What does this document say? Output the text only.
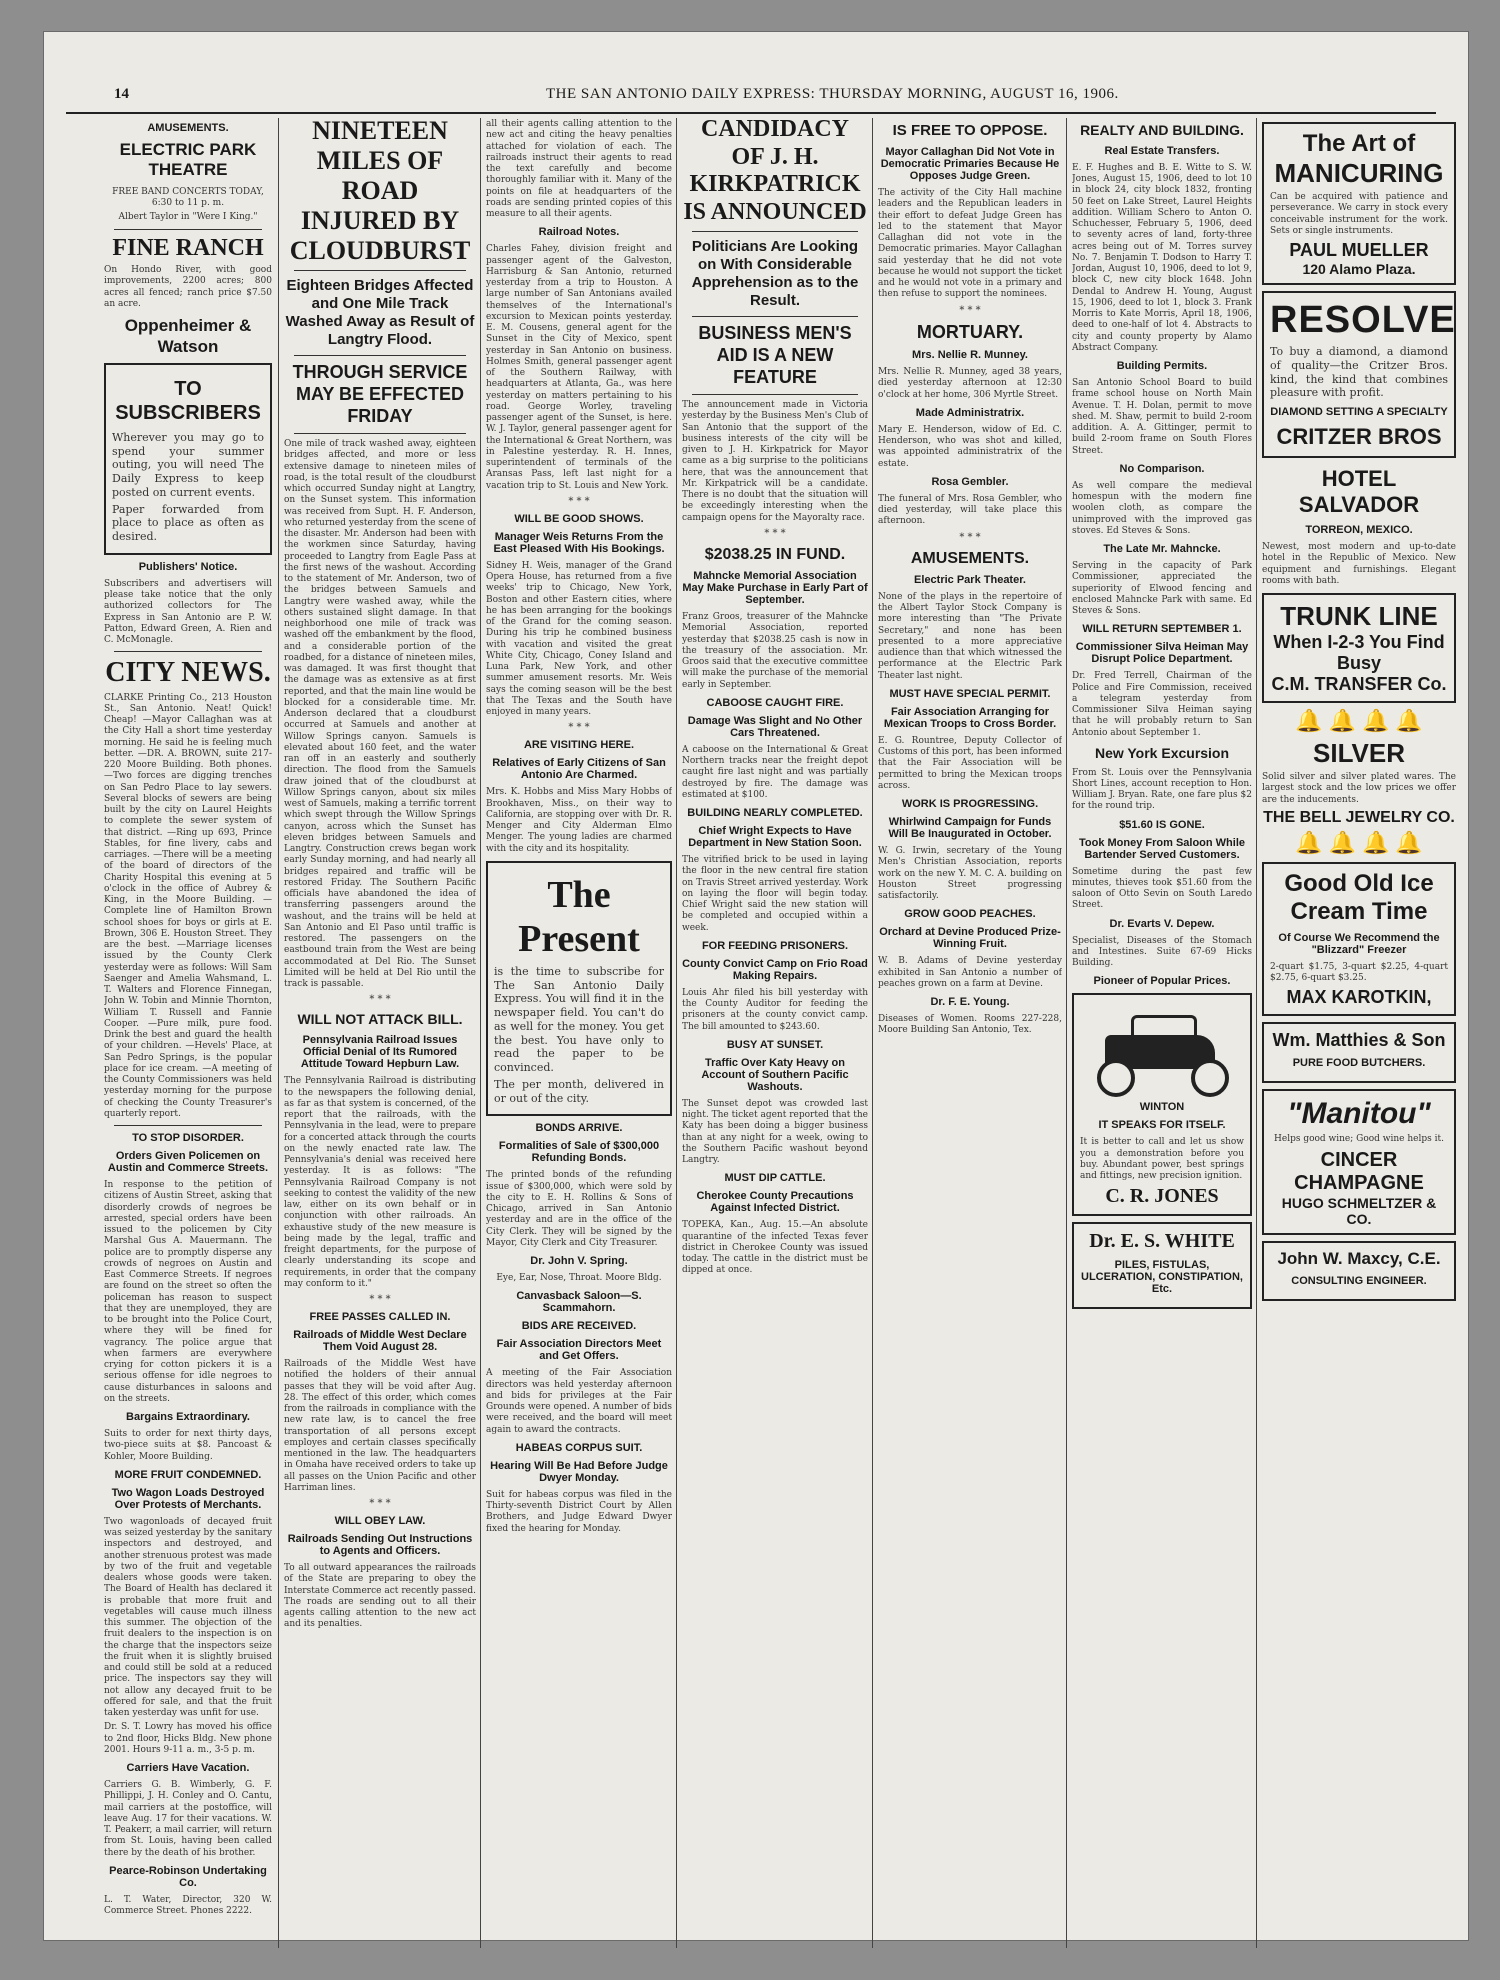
14	THE SAN ANTONIO DAILY EXPRESS: THURSDAY MORNING, AUGUST 16, 1906.
AMUSEMENTS.
ELECTRIC PARK THEATRE
FREE BAND CONCERTS TODAY, 6:30 to 11 p. m.
Albert Taylor in "Were I King."
FINE RANCH
On Hondo River, with good improvements, 2200 acres; 800 acres all fenced; ranch price $7.50 an acre.
Oppenheimer & Watson
TO SUBSCRIBERS
Wherever you may go to spend your summer outing, you will need The Daily Express to keep posted on current events.
Paper forwarded from place to place as often as desired.
Publishers' Notice.
Subscribers and advertisers will please take notice that the only authorized collectors for The Express in San Antonio are P. W. Patton, Edward Green, A. Rien and C. McMonagle.
CITY NEWS.
CLARKE Printing Co., 213 Houston St., San Antonio. Neat! Quick! Cheap! —Mayor Callaghan was at the City Hall a short time yesterday morning. He said he is feeling much better. —DR. A. BROWN, suite 217-220 Moore Building. Both phones. —Two forces are digging trenches on San Pedro Place to lay sewers. Several blocks of sewers are being built by the city on Laurel Heights to complete the sewer system of that district. —Ring up 693, Prince Stables, for fine livery, cabs and carriages. —There will be a meeting of the board of directors of the Charity Hospital this evening at 5 o'clock in the office of Aubrey & King, in the Moore Building. —Complete line of Hamilton Brown school shoes for boys or girls at E. Brown, 306 E. Houston Street. They are the best. —Marriage licenses issued by the County Clerk yesterday were as follows: Will Sam Saenger and Amelia Wahsmand, L. T. Walters and Florence Finnegan, John W. Tobin and Minnie Thornton, William T. Russell and Fannie Cooper. —Pure milk, pure food. Drink the best and guard the health of your children. —Hevels' Place, at San Pedro Springs, is the popular place for ice cream. —A meeting of the County Commissioners was held yesterday morning for the purpose of checking the County Treasurer's quarterly report.
TO STOP DISORDER.
Orders Given Policemen on Austin and Commerce Streets.
In response to the petition of citizens of Austin Street, asking that disorderly crowds of negroes be arrested, special orders have been issued to the policemen by City Marshal Gus A. Mauermann. The police are to promptly disperse any crowds of negroes on Austin and East Commerce Streets. If negroes are found on the street so often the policeman has reason to suspect that they are unemployed, they are to be brought into the Police Court, where they will be fined for vagrancy. The police argue that when farmers are everywhere crying for cotton pickers it is a serious offense for idle negroes to cause disturbances in saloons and on the streets.
Bargains Extraordinary.
Suits to order for next thirty days, two-piece suits at $8. Pancoast & Kohler, Moore Building.
MORE FRUIT CONDEMNED.
Two Wagon Loads Destroyed Over Protests of Merchants.
Two wagonloads of decayed fruit was seized yesterday by the sanitary inspectors and destroyed, and another strenuous protest was made by two of the fruit and vegetable dealers whose goods were taken. The Board of Health has declared it is probable that more fruit and vegetables will cause much illness this summer. The objection of the fruit dealers to the inspection is on the charge that the inspectors seize the fruit when it is slightly bruised and could still be sold at a reduced price. The inspectors say they will not allow any decayed fruit to be offered for sale, and that the fruit taken yesterday was unfit for use.
Dr. S. T. Lowry has moved his office to 2nd floor, Hicks Bldg. New phone 2001. Hours 9-11 a. m., 3-5 p. m.
Carriers Have Vacation.
Carriers G. B. Wimberly, G. F. Phillippi, J. H. Conley and O. Cantu, mail carriers at the postoffice, will leave Aug. 17 for their vacations. W. T. Peakerr, a mail carrier, will return from St. Louis, having been called there by the death of his brother.
Pearce-Robinson Undertaking Co.
L. T. Water, Director, 320 W. Commerce Street. Phones 2222.
NINETEEN MILES OF ROAD INJURED BY CLOUDBURST
Eighteen Bridges Affected and One Mile Track Washed Away as Result of Langtry Flood.
THROUGH SERVICE MAY BE EFFECTED FRIDAY
One mile of track washed away, eighteen bridges affected, and more or less extensive damage to nineteen miles of road, is the total result of the cloudburst which occurred Sunday night at Langtry, on the Sunset system. This information was received from Supt. H. F. Anderson, who returned yesterday from the scene of the disaster. Mr. Anderson had been with the workmen since Saturday, having proceeded to Langtry from Eagle Pass at the first news of the washout. According to the statement of Mr. Anderson, two of the bridges between Samuels and Langtry were washed away, while the others sustained slight damage. In that neighborhood one mile of track was washed off the embankment by the flood, and a considerable portion of the roadbed, for a distance of nineteen miles, was damaged. It was first thought that the damage was as extensive as at first reported, and that the main line would be blocked for a considerable time. Mr. Anderson declared that a cloudburst occurred at Samuels and another at Willow Springs canyon. Samuels is elevated about 160 feet, and the water ran off in an easterly and southerly direction. The flood from the Samuels draw joined that of the cloudburst at Willow Springs canyon, about six miles west of Samuels, making a terrific torrent which swept through the Willow Springs canyon, across which the Sunset has eleven bridges between Samuels and Langtry. Construction crews began work early Sunday morning, and had nearly all bridges repaired and traffic will be restored Friday. The Southern Pacific officials have abandoned the idea of transferring passengers around the washout, and the trains will be held at San Antonio and El Paso until traffic is restored. The passengers on the eastbound train from the West are being accommodated at Del Rio. The Sunset Limited will be held at Del Rio until the track is passable.
* * *
WILL NOT ATTACK BILL.
Pennsylvania Railroad Issues Official Denial of Its Rumored Attitude Toward Hepburn Law.
The Pennsylvania Railroad is distributing to the newspapers the following denial, as far as that system is concerned, of the report that the railroads, with the Pennsylvania in the lead, were to prepare for a concerted attack through the courts on the newly enacted rate law. The Pennsylvania's denial was received here yesterday. It is as follows: "The Pennsylvania Railroad Company is not seeking to contest the validity of the new law, either on its own behalf or in conjunction with other railroads. An exhaustive study of the new measure is being made by the legal, traffic and freight departments, for the purpose of clearly understanding its scope and requirements, in order that the company may conform to it."
* * *
FREE PASSES CALLED IN.
Railroads of Middle West Declare Them Void August 28.
Railroads of the Middle West have notified the holders of their annual passes that they will be void after Aug. 28. The effect of this order, which comes from the railroads in compliance with the new rate law, is to cancel the free transportation of all persons except employes and certain classes specifically mentioned in the law. The headquarters in Omaha have received orders to take up all passes on the Union Pacific and other Harriman lines.
* * *
WILL OBEY LAW.
Railroads Sending Out Instructions to Agents and Officers.
To all outward appearances the railroads of the State are preparing to obey the Interstate Commerce act recently passed. The roads are sending out to all their agents calling attention to the new act and its penalties.
all their agents calling attention to the new act and citing the heavy penalties attached for violation of each. The railroads instruct their agents to read the text carefully and become thoroughly familiar with it. Many of the points on file at headquarters of the roads are sending printed copies of this measure to all their agents.
Railroad Notes.
Charles Fahey, division freight and passenger agent of the Galveston, Harrisburg & San Antonio, returned yesterday from a trip to Houston. A large number of San Antonians availed themselves of the International's excursion to Mexican points yesterday. E. M. Cousens, general agent for the Sunset in the City of Mexico, spent yesterday in San Antonio on business. Holmes Smith, general passenger agent of the Southern Railway, with headquarters at Atlanta, Ga., was here yesterday on matters pertaining to his road. George Worley, traveling passenger agent of the Sunset, is here. W. J. Taylor, general passenger agent for the International & Great Northern, was in Palestine yesterday. R. H. Innes, superintendent of terminals of the Aransas Pass, left last night for a vacation trip to St. Louis and New York.
* * *
WILL BE GOOD SHOWS.
Manager Weis Returns From the East Pleased With His Bookings.
Sidney H. Weis, manager of the Grand Opera House, has returned from a five weeks' trip to Chicago, New York, Boston and other Eastern cities, where he has been arranging for the bookings of the Grand for the coming season. During his trip he combined business with vacation and visited the great White City, Chicago, Coney Island and Luna Park, New York, and other summer amusement resorts. Mr. Weis says the coming season will be the best that The Texas and the South have enjoyed in many years.
* * *
ARE VISITING HERE.
Relatives of Early Citizens of San Antonio Are Charmed.
Mrs. K. Hobbs and Miss Mary Hobbs of Brookhaven, Miss., on their way to California, are stopping over with Dr. R. Menger and City Alderman Elmo Menger. The young ladies are charmed with the city and its hospitality.
The Present
is the time to subscribe for The San Antonio Daily Express. You will find it in the newspaper field. You can't do as well for the money. You get the best. You have only to read the paper to be convinced.
The per month, delivered in or out of the city.
BONDS ARRIVE.
Formalities of Sale of $300,000 Refunding Bonds.
The printed bonds of the refunding issue of $300,000, which were sold by the city to E. H. Rollins & Sons of Chicago, arrived in San Antonio yesterday and are in the office of the City Clerk. They will be signed by the Mayor, City Clerk and City Treasurer.
Dr. John V. Spring.
Eye, Ear, Nose, Throat. Moore Bldg.
Canvasback Saloon—S. Scammahorn.
BIDS ARE RECEIVED.
Fair Association Directors Meet and Get Offers.
A meeting of the Fair Association directors was held yesterday afternoon and bids for privileges at the Fair Grounds were opened. A number of bids were received, and the board will meet again to award the contracts.
HABEAS CORPUS SUIT.
Hearing Will Be Had Before Judge Dwyer Monday.
Suit for habeas corpus was filed in the Thirty-seventh District Court by Allen Brothers, and Judge Edward Dwyer fixed the hearing for Monday.
CANDIDACY OF J. H. KIRKPATRICK IS ANNOUNCED
Politicians Are Looking on With Considerable Apprehension as to the Result.
BUSINESS MEN'S AID IS A NEW FEATURE
The announcement made in Victoria yesterday by the Business Men's Club of San Antonio that the support of the business interests of the city will be given to J. H. Kirkpatrick for Mayor came as a big surprise to the politicians here, that was the announcement that Mr. Kirkpatrick will be a candidate. There is no doubt that the situation will be exceedingly interesting when the campaign opens for the Mayoralty race.
* * *
$2038.25 IN FUND.
Mahncke Memorial Association May Make Purchase in Early Part of September.
Franz Groos, treasurer of the Mahncke Memorial Association, reported yesterday that $2038.25 cash is now in the treasury of the association. Mr. Groos said that the executive committee will make the purchase of the memorial early in September.
CABOOSE CAUGHT FIRE.
Damage Was Slight and No Other Cars Threatened.
A caboose on the International & Great Northern tracks near the freight depot caught fire last night and was partially destroyed by fire. The damage was estimated at $100.
BUILDING NEARLY COMPLETED.
Chief Wright Expects to Have Department in New Station Soon.
The vitrified brick to be used in laying the floor in the new central fire station on Travis Street arrived yesterday. Work on laying the floor will begin today. Chief Wright said the new station will be completed and occupied within a week.
FOR FEEDING PRISONERS.
County Convict Camp on Frio Road Making Repairs.
Louis Ahr filed his bill yesterday with the County Auditor for feeding the prisoners at the county convict camp. The bill amounted to $243.60.
BUSY AT SUNSET.
Traffic Over Katy Heavy on Account of Southern Pacific Washouts.
The Sunset depot was crowded last night. The ticket agent reported that the Katy has been doing a bigger business than at any night for a week, owing to the Southern Pacific washout beyond Langtry.
MUST DIP CATTLE.
Cherokee County Precautions Against Infected District.
TOPEKA, Kan., Aug. 15.—An absolute quarantine of the infected Texas fever district in Cherokee County was issued today. The cattle in the district must be dipped at once.
IS FREE TO OPPOSE.
Mayor Callaghan Did Not Vote in Democratic Primaries Because He Opposes Judge Green.
The activity of the City Hall machine leaders and the Republican leaders in their effort to defeat Judge Green has led to the statement that Mayor Callaghan did not vote in the Democratic primaries. Mayor Callaghan said yesterday that he did not vote because he would not support the ticket and he would not vote in a primary and then refuse to support the nominees.
* * *
MORTUARY.
Mrs. Nellie R. Munney.
Mrs. Nellie R. Munney, aged 38 years, died yesterday afternoon at 12:30 o'clock at her home, 306 Myrtle Street.
Made Administratrix.
Mary E. Henderson, widow of Ed. C. Henderson, who was shot and killed, was appointed administratrix of the estate.
Rosa Gembler.
The funeral of Mrs. Rosa Gembler, who died yesterday, will take place this afternoon.
* * *
AMUSEMENTS.
Electric Park Theater.
None of the plays in the repertoire of the Albert Taylor Stock Company is more interesting than "The Private Secretary," and none has been presented to a more appreciative audience than that which witnessed the performance at the Electric Park Theater last night.
MUST HAVE SPECIAL PERMIT.
Fair Association Arranging for Mexican Troops to Cross Border.
E. G. Rountree, Deputy Collector of Customs of this port, has been informed that the Fair Association will be permitted to bring the Mexican troops across.
WORK IS PROGRESSING.
Whirlwind Campaign for Funds Will Be Inaugurated in October.
W. G. Irwin, secretary of the Young Men's Christian Association, reports work on the new Y. M. C. A. building on Houston Street progressing satisfactorily.
GROW GOOD PEACHES.
Orchard at Devine Produced Prize-Winning Fruit.
W. B. Adams of Devine yesterday exhibited in San Antonio a number of peaches grown on a farm at Devine.
Dr. F. E. Young.
Diseases of Women. Rooms 227-228, Moore Building San Antonio, Tex.
REALTY AND BUILDING.
Real Estate Transfers.
E. F. Hughes and B. E. Witte to S. W. Jones, August 15, 1906, deed to lot 10 in block 24, city block 1832, fronting 50 feet on Lake Street, Laurel Heights addition. William Schero to Anton O. Schuchesser, February 5, 1906, deed to seventy acres of land, forty-three acres being out of M. Torres survey No. 7. Benjamin T. Dodson to Harry T. Jordan, August 10, 1906, deed to lot 9, block C, new city block 1648. John Dendal to Andrew H. Young, August 15, 1906, deed to lot 1, block 3. Frank Morris to Kate Morris, April 18, 1906, deed to one-half of lot 4. Abstracts to city and county property by Alamo Abstract Company.
Building Permits.
San Antonio School Board to build frame school house on North Main Avenue. T. H. Dolan, permit to move shed. M. Shaw, permit to build 2-room addition. A. A. Gittinger, permit to build 2-room frame on South Flores Street.
No Comparison.
As well compare the medieval homespun with the modern fine woolen cloth, as compare the unimproved with the improved gas stoves. Ed Steves & Sons.
The Late Mr. Mahncke.
Serving in the capacity of Park Commissioner, appreciated the superiority of Elwood fencing and enclosed Mahncke Park with same. Ed Steves & Sons.
WILL RETURN SEPTEMBER 1.
Commissioner Silva Heiman May Disrupt Police Department.
Dr. Fred Terrell, Chairman of the Police and Fire Commission, received a telegram yesterday from Commissioner Silva Heiman saying that he will probably return to San Antonio about September 1.
New York Excursion
From St. Louis over the Pennsylvania Short Lines, account reception to Hon. William J. Bryan. Rate, one fare plus $2 for the round trip.
$51.60 IS GONE.
Took Money From Saloon While Bartender Served Customers.
Sometime during the past few minutes, thieves took $51.60 from the saloon of Otto Sevin on South Laredo Street.
Dr. Evarts V. Depew.
Specialist, Diseases of the Stomach and Intestines. Suite 67-69 Hicks Building.
Pioneer of Popular Prices.
WINTON
IT SPEAKS FOR ITSELF.
It is better to call and let us show you a demonstration before you buy. Abundant power, best springs and fittings, new precision ignition.
C. R. JONES
Dr. E. S. WHITE
PILES, FISTULAS, ULCERATION, CONSTIPATION, Etc.
The Art of
MANICURING
Can be acquired with patience and perseverance. We carry in stock every conceivable instrument for the work. Sets or single instruments.
PAUL MUELLER
120 Alamo Plaza.
RESOLVE
To buy a diamond, a diamond of quality—the Critzer Bros. kind, the kind that combines pleasure with profit.
DIAMOND SETTING A SPECIALTY
CRITZER BROS
HOTEL SALVADOR
TORREON, MEXICO.
Newest, most modern and up-to-date hotel in the Republic of Mexico. New equipment and furnishings. Elegant rooms with bath.
TRUNK LINE
When I-2-3 You Find Busy
C.M. TRANSFER Co.
🔔 🔔 🔔 🔔
SILVER
Solid silver and silver plated wares. The largest stock and the low prices we offer are the inducements.
THE BELL JEWELRY CO.
🔔 🔔 🔔 🔔
Good Old Ice Cream Time
Of Course We Recommend the "Blizzard" Freezer
2-quart $1.75, 3-quart $2.25, 4-quart $2.75, 6-quart $3.25.
MAX KAROTKIN,
Wm. Matthies & Son
PURE FOOD BUTCHERS.
"Manitou"
Helps good wine; Good wine helps it.
CINCER CHAMPAGNE
HUGO SCHMELTZER & CO.
John W. Maxcy, C.E.
CONSULTING ENGINEER.
